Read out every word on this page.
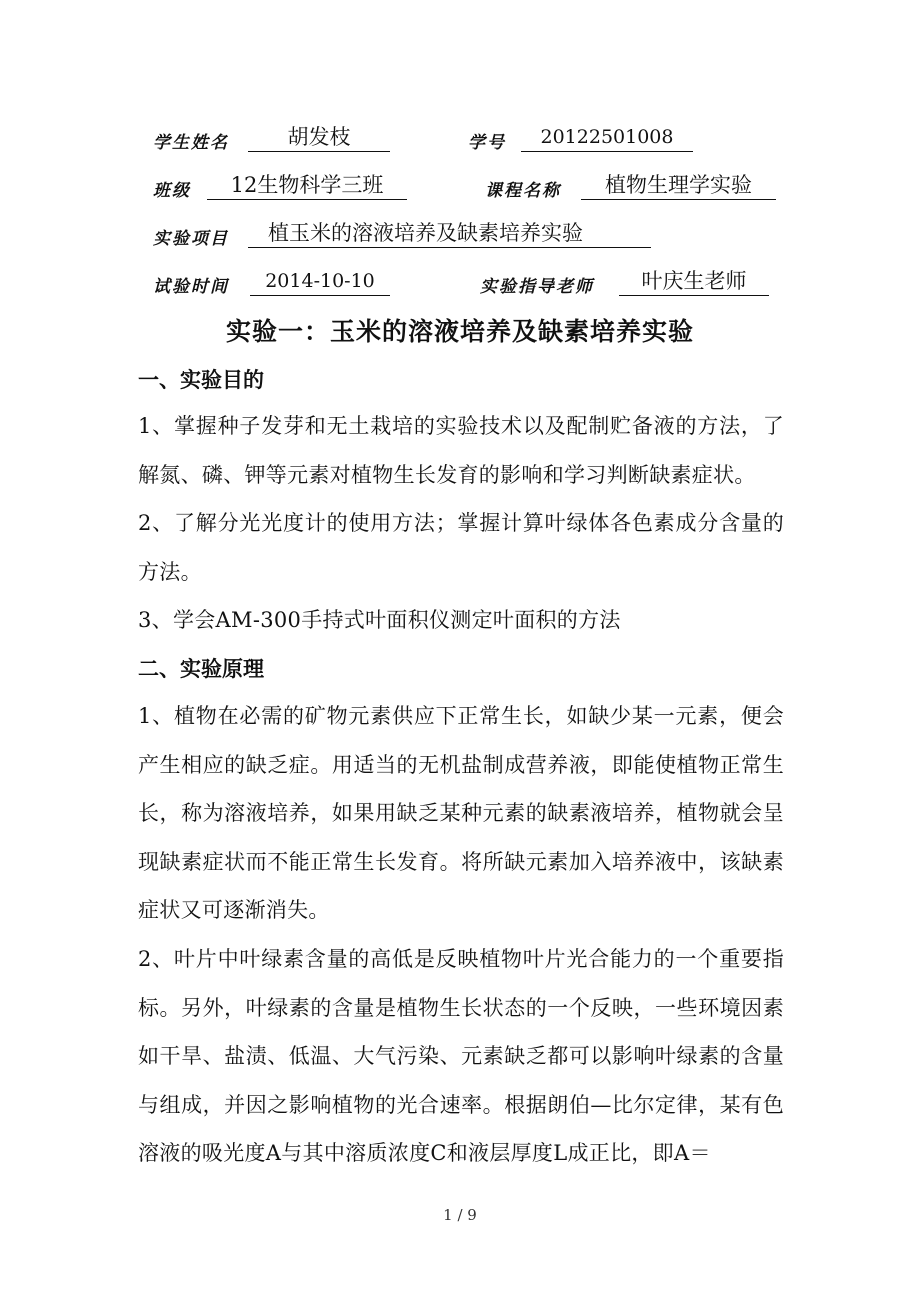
学生姓名	胡发枝	学号	20122501008
班级	12生物科学三班	课程名称	植物生理学实验
实验项目	植玉米的溶液培养及缺素培养实验
试验时间	2014-10-10	实验指导老师	叶庆生老师
实验一：玉米的溶液培养及缺素培养实验
一、实验目的

1、掌握种子发芽和无土栽培的实验技术以及配制贮备液的方法，了解氮、磷、钾等元素对植物生长发育的影响和学习判断缺素症状。

2、了解分光光度计的使用方法；掌握计算叶绿体各色素成分含量的方法。

3、学会AM-300手持式叶面积仪测定叶面积的方法

二、实验原理

1、植物在必需的矿物元素供应下正常生长，如缺少某一元素，便会产生相应的缺乏症。用适当的无机盐制成营养液，即能使植物正常生长，称为溶液培养，如果用缺乏某种元素的缺素液培养，植物就会呈现缺素症状而不能正常生长发育。将所缺元素加入培养液中，该缺素症状又可逐渐消失。

2、叶片中叶绿素含量的高低是反映植物叶片光合能力的一个重要指标。另外，叶绿素的含量是植物生长状态的一个反映，一些环境因素如干旱、盐渍、低温、大气污染、元素缺乏都可以影响叶绿素的含量与组成，并因之影响植物的光合速率。根据朗伯—比尔定律，某有色溶液的吸光度A与其中溶质浓度C和液层厚度L成正比，即A＝

1 / 9
